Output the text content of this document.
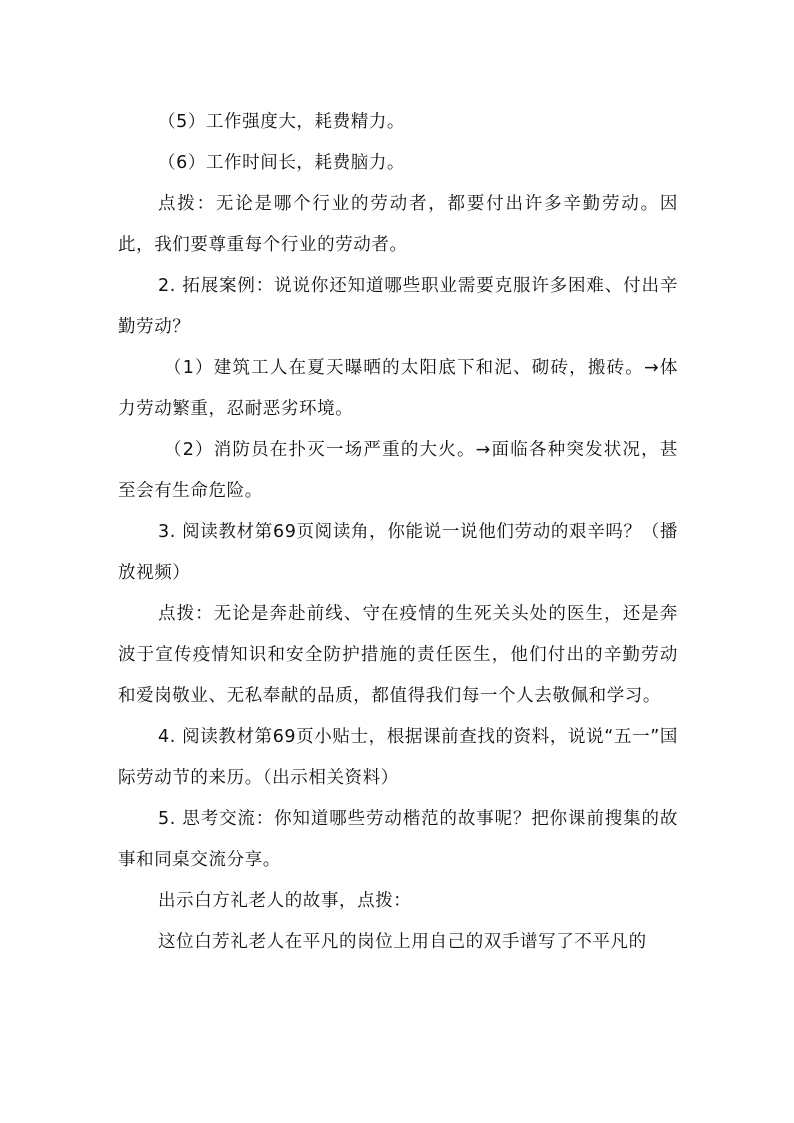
（5）工作强度大，耗费精力。

（6）工作时间长，耗费脑力。

点拨：无论是哪个行业的劳动者，都要付出许多辛勤劳动。因此，我们要尊重每个行业的劳动者。

2. 拓展案例：说说你还知道哪些职业需要克服许多困难、付出辛勤劳动？

（1）建筑工人在夏天曝晒的太阳底下和泥、砌砖，搬砖。→体力劳动繁重，忍耐恶劣环境。

（2）消防员在扑灭一场严重的大火。→面临各种突发状况，甚至会有生命危险。

3. 阅读教材第69页阅读角，你能说一说他们劳动的艰辛吗？（播放视频）

点拨：无论是奔赴前线、守在疫情的生死关头处的医生，还是奔波于宣传疫情知识和安全防护措施的责任医生，他们付出的辛勤劳动和爱岗敬业、无私奉献的品质，都值得我们每一个人去敬佩和学习。

4. 阅读教材第69页小贴士，根据课前查找的资料，说说“五一”国际劳动节的来历。（出示相关资料）

5. 思考交流：你知道哪些劳动楷范的故事呢？把你课前搜集的故事和同桌交流分享。

出示白方礼老人的故事，点拨：

这位白芳礼老人在平凡的岗位上用自己的双手谱写了不平凡的
